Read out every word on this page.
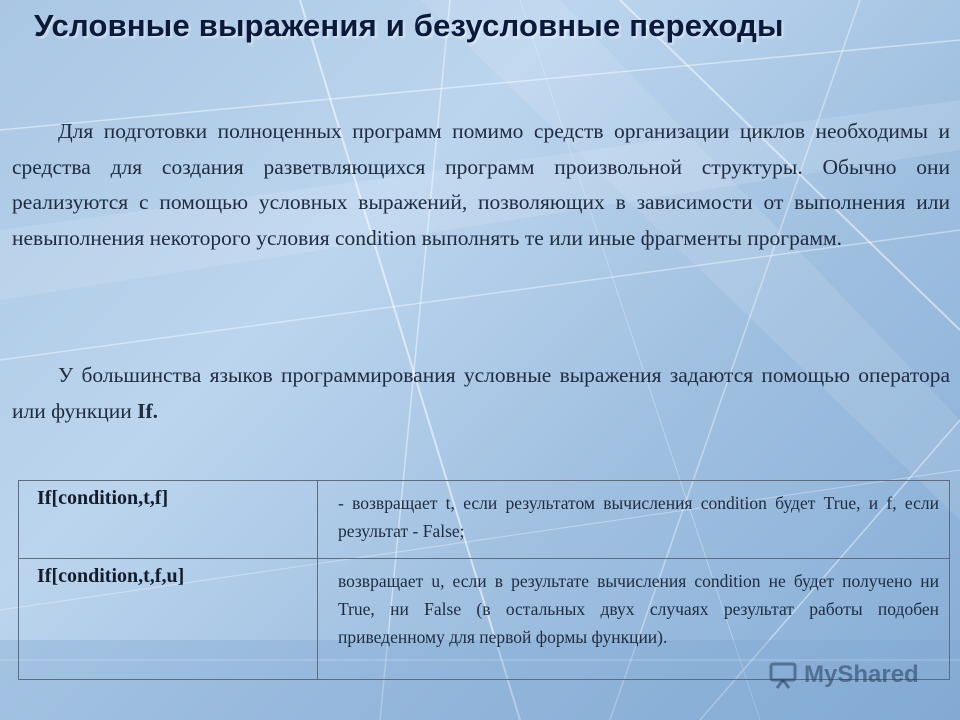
Условные выражения и безусловные переходы

Для подготовки полноценных программ помимо средств организации циклов необходимы и средства для создания разветвляющихся программ произвольной структуры. Обычно они реализуются с помощью условных выражений, позволяющих в зависимости от выполнения или невыполнения некоторого условия condition выполнять те или иные фрагменты программ.

У большинства языков программирования условные выражения задаются помощью оператора или функции If.

If[condition,t,f]	- возвращает t, если результатом вычисления condition будет True, и f, если результат - False;
If[condition,t,f,u]	возвращает u, если в результате вычисления condition не будет получено ни True, ни False (в остальных двух случаях результат работы подобен приведенному для первой формы функции).
MyShared
